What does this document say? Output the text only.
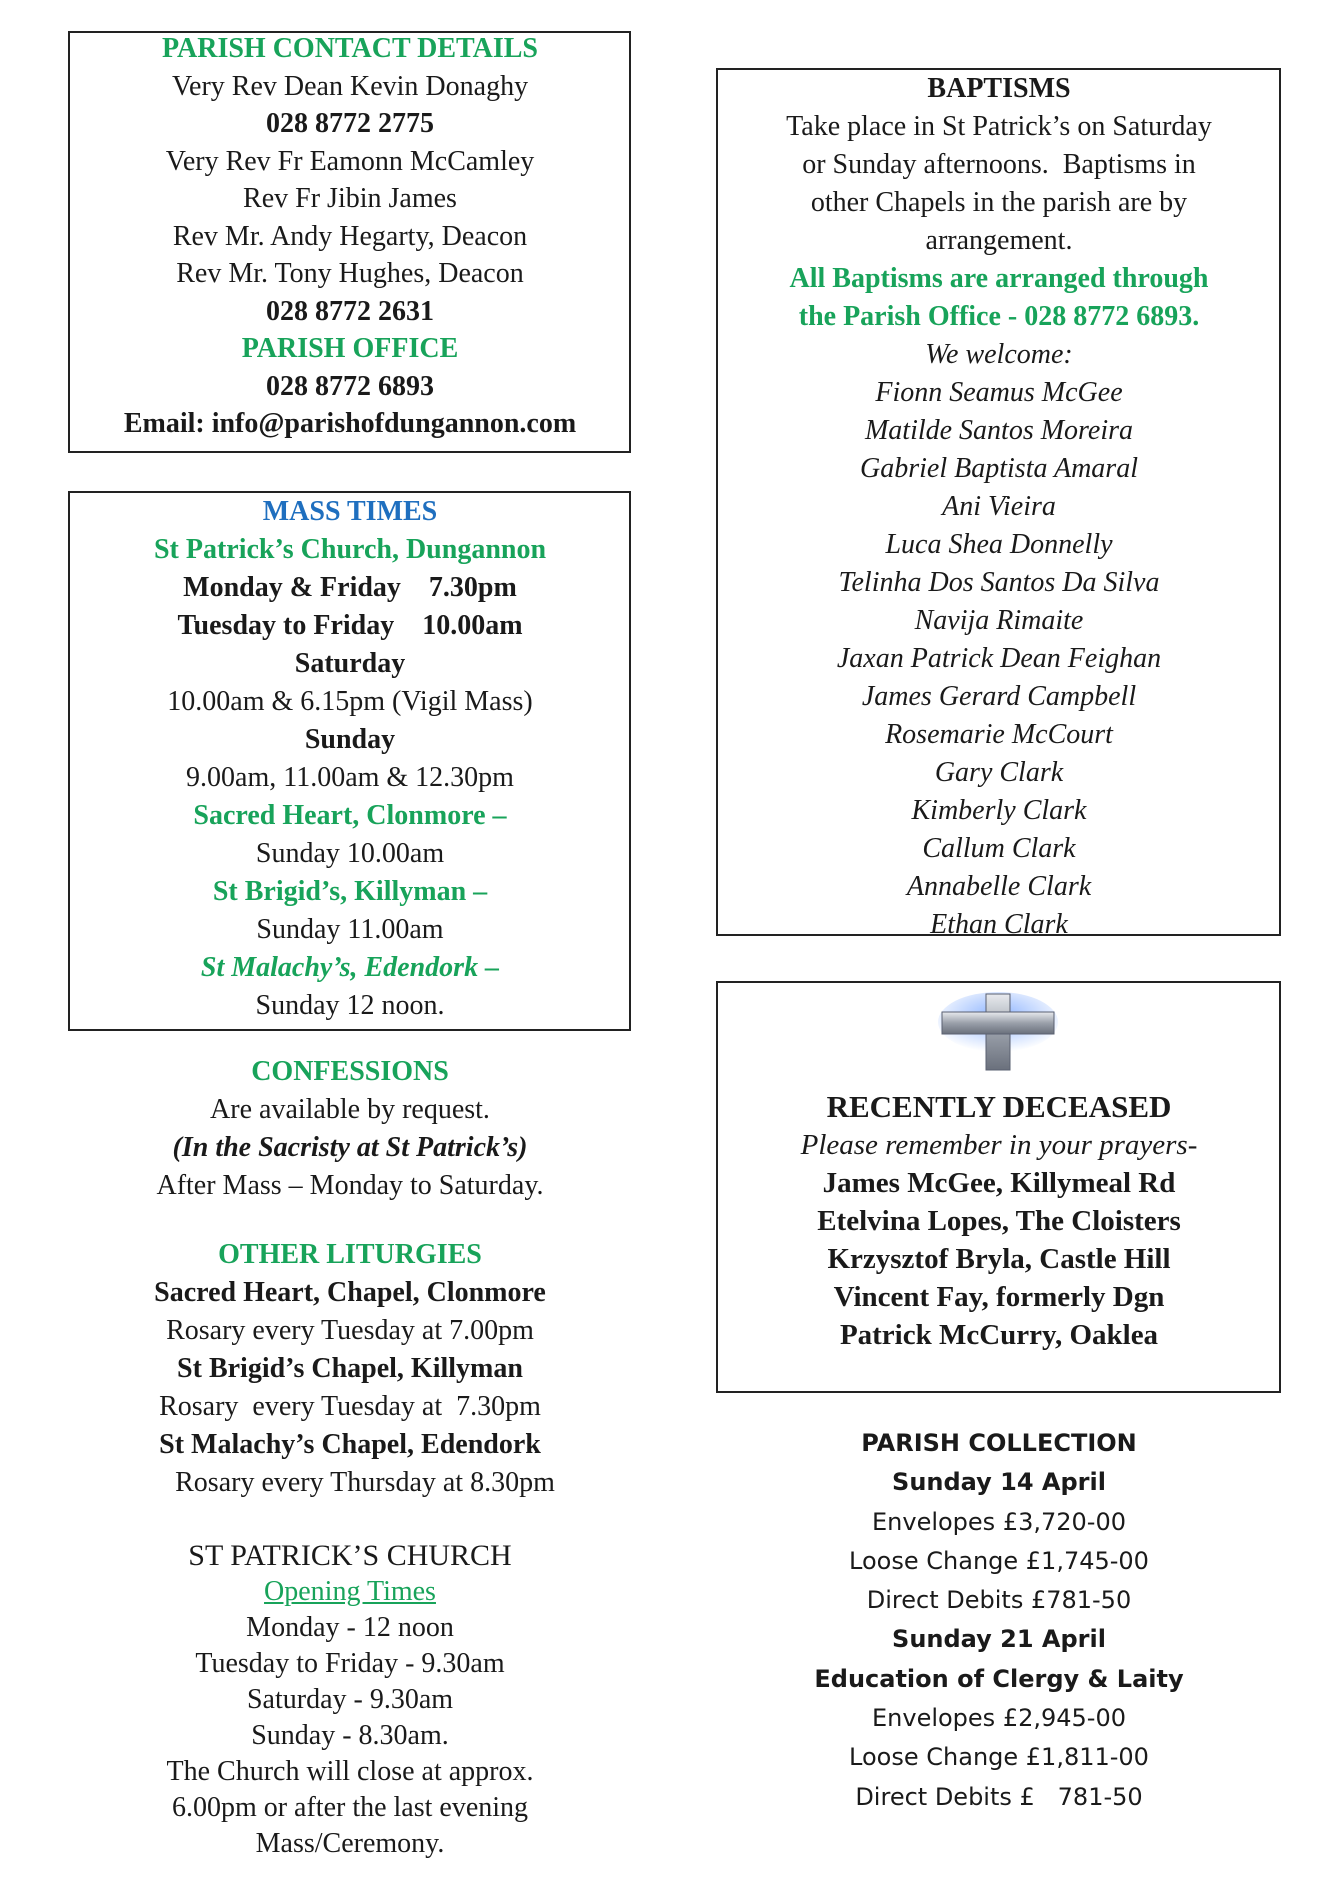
PARISH CONTACT DETAILS
Very Rev Dean Kevin Donaghy
028 8772 2775
Very Rev Fr Eamonn McCamley
Rev Fr Jibin James
Rev Mr. Andy Hegarty, Deacon
Rev Mr. Tony Hughes, Deacon
028 8772 2631
PARISH OFFICE
028 8772 6893
Email: info@parishofdungannon.com
MASS TIMES
St Patrick’s Church, Dungannon
Monday & Friday    7.30pm
Tuesday to Friday    10.00am
Saturday
10.00am & 6.15pm (Vigil Mass)
Sunday
9.00am, 11.00am & 12.30pm
Sacred Heart, Clonmore –
Sunday 10.00am
St Brigid’s, Killyman –
Sunday 11.00am
St Malachy’s, Edendork –
Sunday 12 noon.
CONFESSIONS
Are available by request.
(In the Sacristy at St Patrick’s)
After Mass – Monday to Saturday.
OTHER LITURGIES
Sacred Heart, Chapel, Clonmore
Rosary every Tuesday at 7.00pm
St Brigid’s Chapel, Killyman
Rosary  every Tuesday at  7.30pm
St Malachy’s Chapel, Edendork
Rosary every Thursday at 8.30pm
ST PATRICK’S CHURCH
Opening Times
Monday - 12 noon
Tuesday to Friday - 9.30am
Saturday - 9.30am
Sunday - 8.30am.
The Church will close at approx.
6.00pm or after the last evening
Mass/Ceremony.
BAPTISMS
Take place in St Patrick’s on Saturday
or Sunday afternoons.  Baptisms in
other Chapels in the parish are by
arrangement.
All Baptisms are arranged through
the Parish Office - 028 8772 6893.
We welcome:
Fionn Seamus McGee
Matilde Santos Moreira
Gabriel Baptista Amaral
Ani Vieira
Luca Shea Donnelly
Telinha Dos Santos Da Silva
Navija Rimaite
Jaxan Patrick Dean Feighan
James Gerard Campbell
Rosemarie McCourt
Gary Clark
Kimberly Clark
Callum Clark
Annabelle Clark
Ethan Clark
RECENTLY DECEASED
Please remember in your prayers-
James McGee, Killymeal Rd
Etelvina Lopes, The Cloisters
Krzysztof Bryla, Castle Hill
Vincent Fay, formerly Dgn
Patrick McCurry, Oaklea
PARISH COLLECTION
Sunday 14 April
Envelopes £3,720-00
Loose Change £1,745-00
Direct Debits £781-50
Sunday 21 April
Education of Clergy & Laity
Envelopes £2,945-00
Loose Change £1,811-00
Direct Debits £   781-50
